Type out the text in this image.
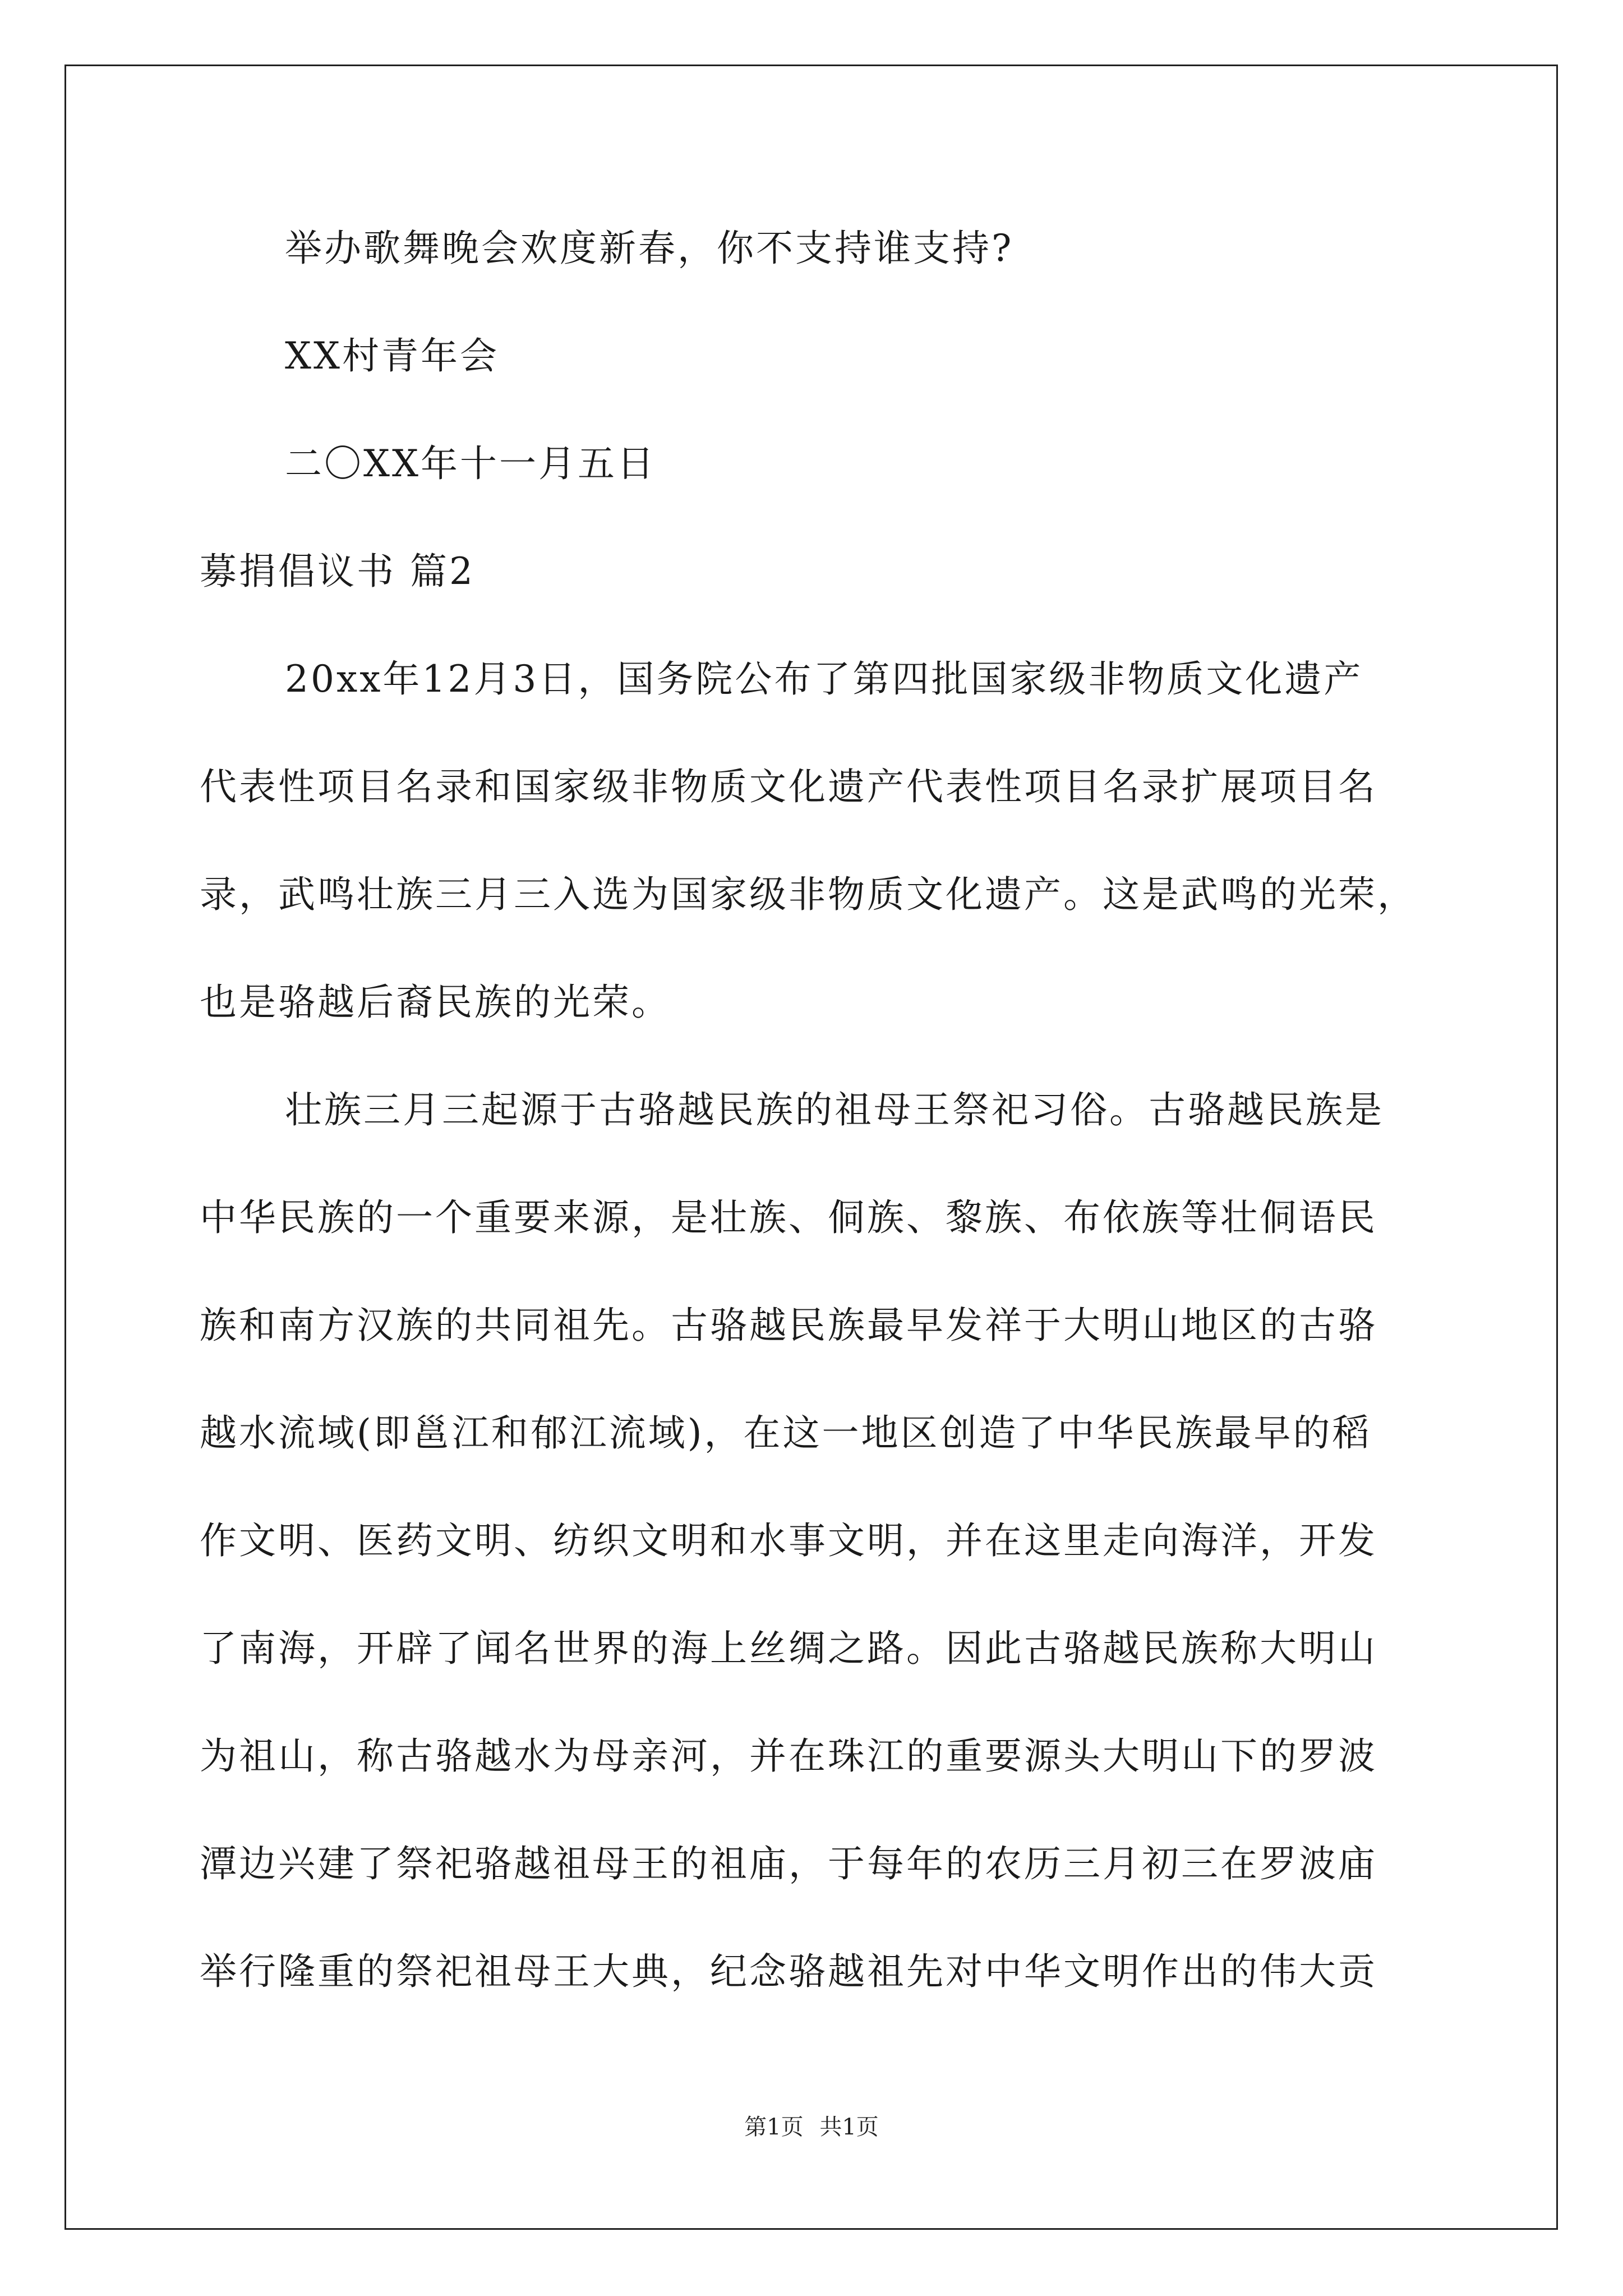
举办歌舞晚会欢度新春，你不支持谁支持?
XX村青年会
二〇XX年十一月五日
募捐倡议书 篇2
20xx年12月3日，国务院公布了第四批国家级非物质文化遗产
代表性项目名录和国家级非物质文化遗产代表性项目名录扩展项目名
录，武鸣壮族三月三入选为国家级非物质文化遗产。这是武鸣的光荣，
也是骆越后裔民族的光荣。
壮族三月三起源于古骆越民族的祖母王祭祀习俗。古骆越民族是
中华民族的一个重要来源，是壮族、侗族、黎族、布依族等壮侗语民
族和南方汉族的共同祖先。古骆越民族最早发祥于大明山地区的古骆
越水流域(即邕江和郁江流域)，在这一地区创造了中华民族最早的稻
作文明、医药文明、纺织文明和水事文明，并在这里走向海洋，开发
了南海，开辟了闻名世界的海上丝绸之路。因此古骆越民族称大明山
为祖山，称古骆越水为母亲河，并在珠江的重要源头大明山下的罗波
潭边兴建了祭祀骆越祖母王的祖庙，于每年的农历三月初三在罗波庙
举行隆重的祭祀祖母王大典，纪念骆越祖先对中华文明作出的伟大贡
第1页 共1页
